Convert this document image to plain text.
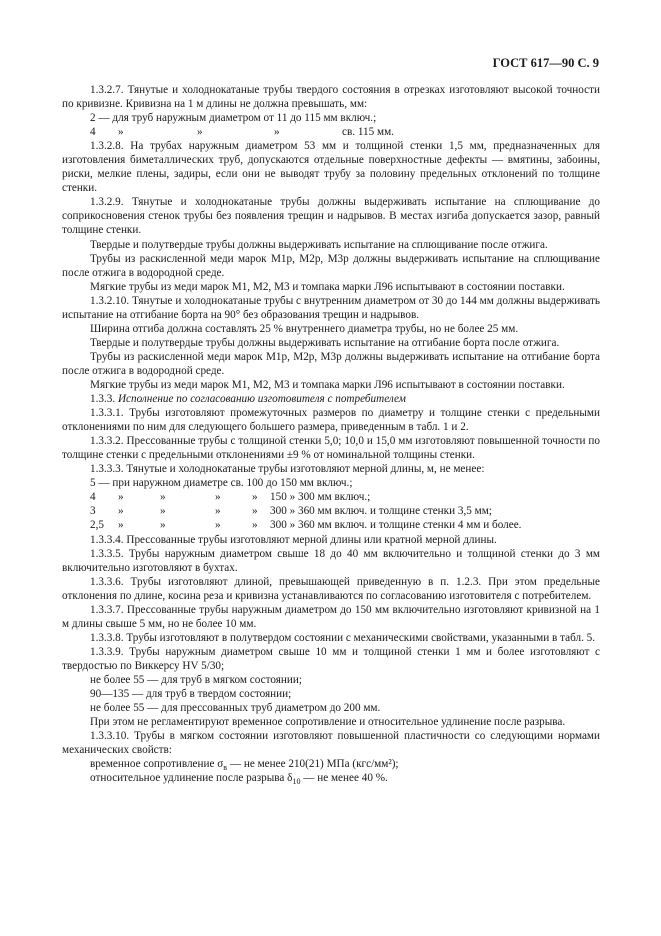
ГОСТ 617—90 С. 9

1.3.2.7. Тянутые и холоднокатаные трубы твердого состояния в отрезках изготовляют высокой точности по кривизне. Кривизна на 1 м длины не должна превышать, мм:

2 — для труб наружным диаметром от 11 до 115 мм включ.;

4 »	»	»	св. 115 мм.

1.3.2.8. На трубах наружным диаметром 53 мм и толщиной стенки 1,5 мм, предназначенных для изготовления биметаллических труб, допускаются отдельные поверхностные дефекты — вмятины, забоины, риски, мелкие плены, задиры, если они не выводят трубу за половину предельных отклонений по толщине стенки.

1.3.2.9. Тянутые и холоднокатаные трубы должны выдерживать испытание на сплющивание до соприкосновения стенок трубы без появления трещин и надрывов. В местах изгиба допускается зазор, равный толщине стенки.

Твердые и полутвердые трубы должны выдерживать испытание на сплющивание после отжига.

Трубы из раскисленной меди марок М1р, М2р, М3р должны выдерживать испытание на сплющивание после отжига в водородной среде.

Мягкие трубы из меди марок М1, М2, М3 и томпака марки Л96 испытывают в состоянии поставки.

1.3.2.10. Тянутые и холоднокатаные трубы с внутренним диаметром от 30 до 144 мм должны выдерживать испытание на отгибание борта на 90° без образования трещин и надрывов.

Ширина отгиба должна составлять 25 % внутреннего диаметра трубы, но не более 25 мм.

Твердые и полутвердые трубы должны выдерживать испытание на отгибание борта после отжига.

Трубы из раскисленной меди марок М1р, М2р, М3р должны выдерживать испытание на отгибание борта после отжига в водородной среде.

Мягкие трубы из меди марок М1, М2, М3 и томпака марки Л96 испытывают в состоянии поставки.

1.3.3. Исполнение по согласованию изготовителя с потребителем

1.3.3.1. Трубы изготовляют промежуточных размеров по диаметру и толщине стенки с предельными отклонениями по ним для следующего большего размера, приведенным в табл. 1 и 2.

1.3.3.2. Прессованные трубы с толщиной стенки 5,0; 10,0 и 15,0 мм изготовляют повышенной точности по толщине стенки с предельными отклонениями ±9 % от номинальной толщины стенки.

1.3.3.3. Тянутые и холоднокатаные трубы изготовляют мерной длины, м, не менее:

5 — при наружном диаметре св. 100 до 150 мм включ.;

4 »	»	»	» 150 » 300 мм включ.;
3 »	»	»	» 300 » 360 мм включ. и толщине стенки 3,5 мм;
2,5 »	»	»	» 300 » 360 мм включ. и толщине стенки 4 мм и более.

1.3.3.4. Прессованные трубы изготовляют мерной длины или кратной мерной длины.

1.3.3.5. Трубы наружным диаметром свыше 18 до 40 мм включительно и толщиной стенки до 3 мм включительно изготовляют в бухтах.

1.3.3.6. Трубы изготовляют длиной, превышающей приведенную в п. 1.2.3. При этом предельные отклонения по длине, косина реза и кривизна устанавливаются по согласованию изготовителя с потребителем.

1.3.3.7. Прессованные трубы наружным диаметром до 150 мм включительно изготовляют кривизной на 1 м длины свыше 5 мм, но не более 10 мм.

1.3.3.8. Трубы изготовляют в полутвердом состоянии с механическими свойствами, указанными в табл. 5.

1.3.3.9. Трубы наружным диаметром свыше 10 мм и толщиной стенки 1 мм и более изготовляют с твердостью по Виккерсу HV 5/30;

не более 55 — для труб в мягком состоянии;

90—135 — для труб в твердом состоянии;

не более 55 — для прессованных труб диаметром до 200 мм.

При этом не регламентируют временное сопротивление и относительное удлинение после разрыва.

1.3.3.10. Трубы в мягком состоянии изготовляют повышенной пластичности со следующими нормами механических свойств:

временное сопротивление $\sigma_в$ — не менее 210(21) МПа (кгс/мм²);

относительное удлинение после разрыва $\delta_{10}$ — не менее 40 %.
